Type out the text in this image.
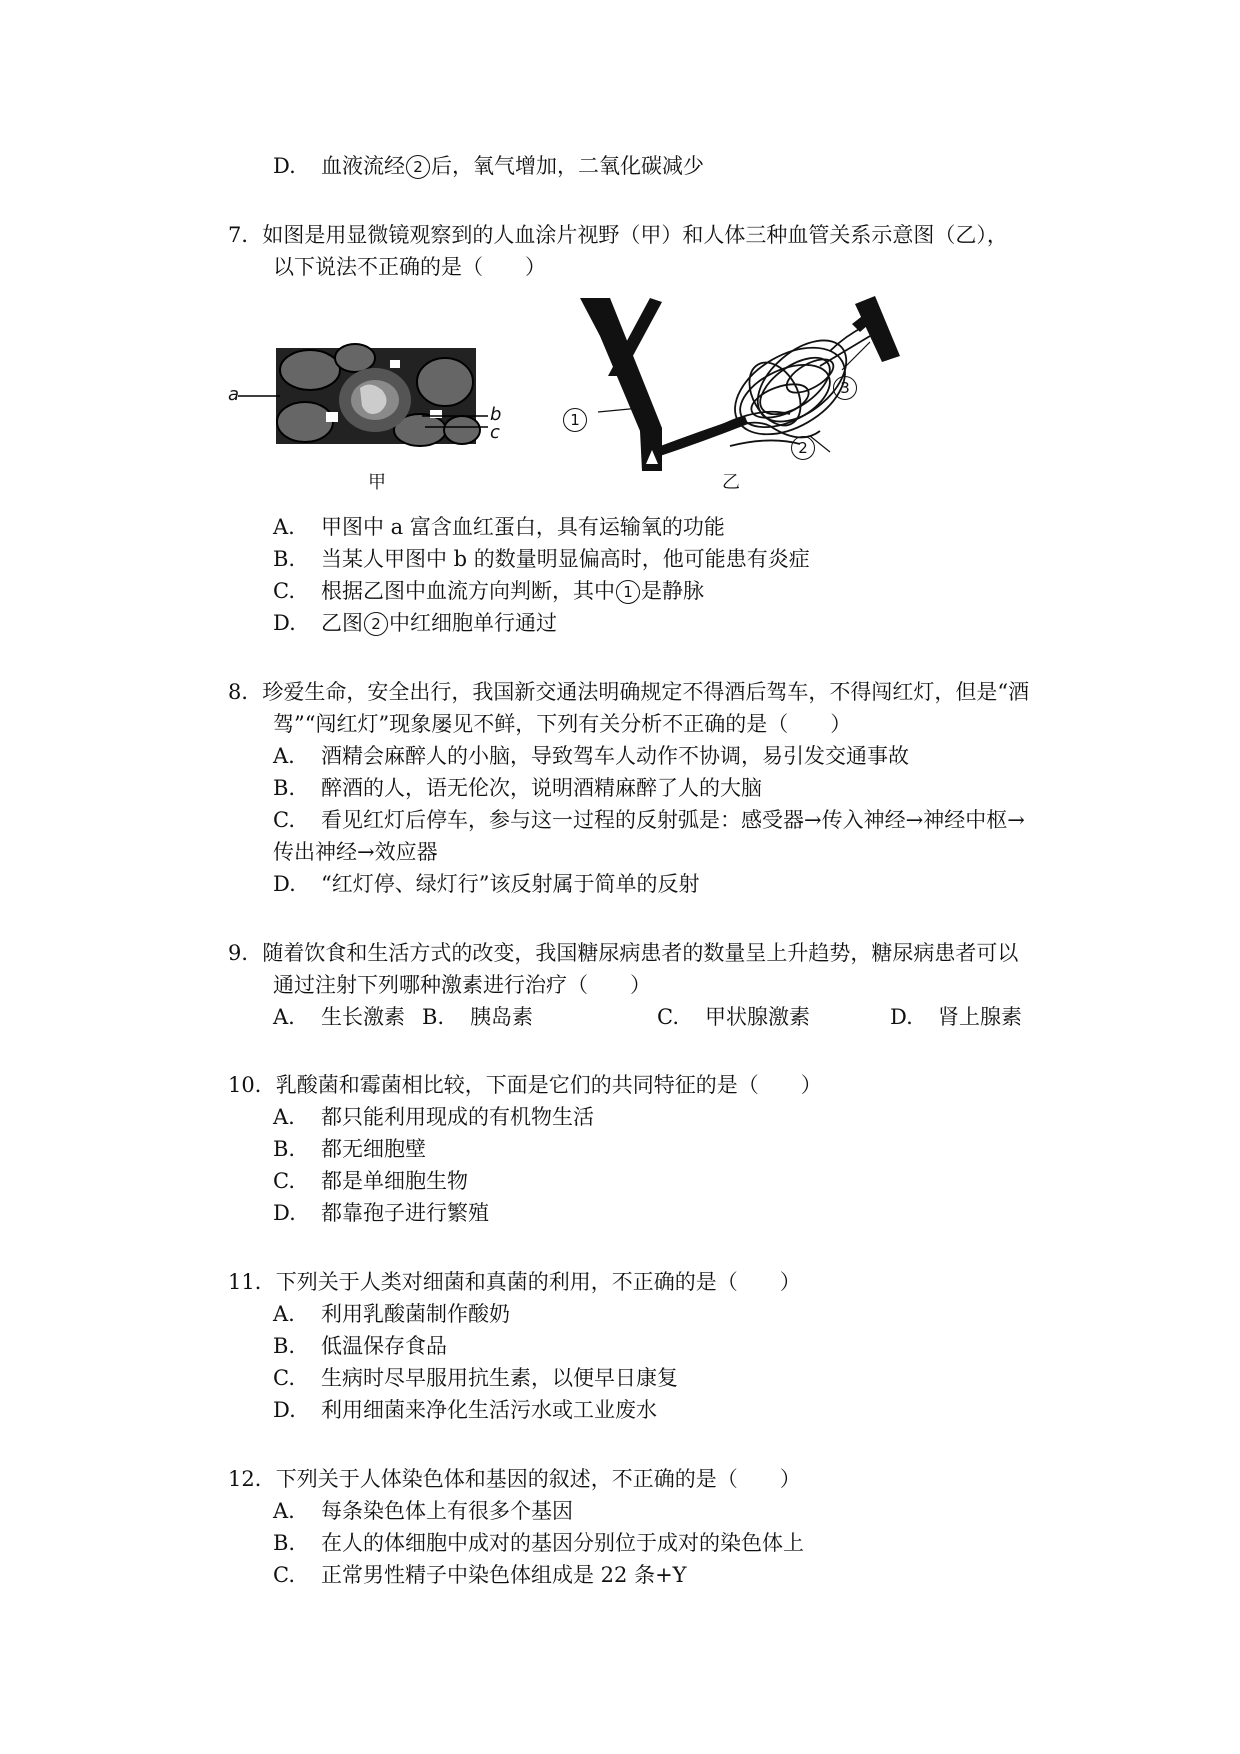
D. 血液流经 2 后，氧气增加，二氧化碳减少
7．如图是用显微镜观察到的人血涂片视野（甲）和人体三种血管关系示意图（乙），
以下说法不正确的是（　　）
a
b
c
甲
1
2
3
乙
A. 甲图中 a 富含血红蛋白，具有运输氧的功能
B. 当某人甲图中 b 的数量明显偏高时，他可能患有炎症
C. 根据乙图中血流方向判断，其中 1 是静脉
D. 乙图 2 中红细胞单行通过
8．珍爱生命，安全出行，我国新交通法明确规定不得酒后驾车，不得闯红灯，但是“酒
驾”“闯红灯”现象屡见不鲜，下列有关分析不正确的是（　　）
A. 酒精会麻醉人的小脑，导致驾车人动作不协调，易引发交通事故
B. 醉酒的人，语无伦次，说明酒精麻醉了人的大脑
C. 看见红灯后停车，参与这一过程的反射弧是：感受器→传入神经→神经中枢→
传出神经→效应器
D. “红灯停、绿灯行”该反射属于简单的反射
9．随着饮食和生活方式的改变，我国糖尿病患者的数量呈上升趋势，糖尿病患者可以
通过注射下列哪种激素进行治疗（　　）
A. 生长激素 B. 胰岛素	C. 甲状腺激素	D. 肾上腺素
10．乳酸菌和霉菌相比较，下面是它们的共同特征的是（　　）
A. 都只能利用现成的有机物生活
B. 都无细胞壁
C. 都是单细胞生物
D. 都靠孢子进行繁殖
11．下列关于人类对细菌和真菌的利用，不正确的是（　　）
A. 利用乳酸菌制作酸奶
B. 低温保存食品
C. 生病时尽早服用抗生素，以便早日康复
D. 利用细菌来净化生活污水或工业废水
12．下列关于人体染色体和基因的叙述，不正确的是（　　）
A. 每条染色体上有很多个基因
B. 在人的体细胞中成对的基因分别位于成对的染色体上
C. 正常男性精子中染色体组成是 22 条+Y
